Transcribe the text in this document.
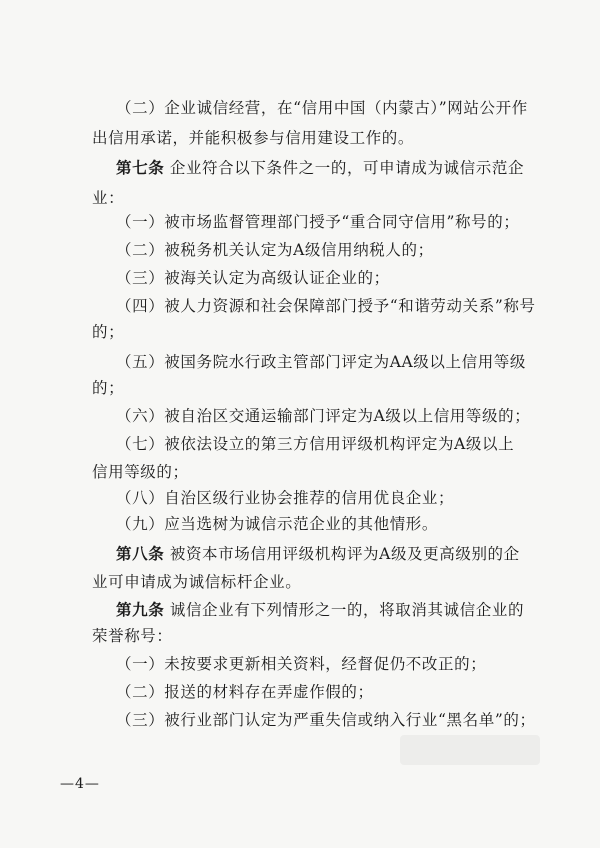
（二）企业诚信经营，在“信用中国（内蒙古）”网站公开作
出信用承诺，并能积极参与信用建设工作的。
第七条 企业符合以下条件之一的，可申请成为诚信示范企
业：
（一）被市场监督管理部门授予“重合同守信用”称号的；
（二）被税务机关认定为A级信用纳税人的；
（三）被海关认定为高级认证企业的；
（四）被人力资源和社会保障部门授予“和谐劳动关系”称号
的；
（五）被国务院水行政主管部门评定为AA级以上信用等级
的；
（六）被自治区交通运输部门评定为A级以上信用等级的；
（七）被依法设立的第三方信用评级机构评定为A级以上
信用等级的；
（八）自治区级行业协会推荐的信用优良企业；
（九）应当选树为诚信示范企业的其他情形。
第八条 被资本市场信用评级机构评为A级及更高级别的企
业可申请成为诚信标杆企业。
第九条 诚信企业有下列情形之一的，将取消其诚信企业的
荣誉称号：
（一）未按要求更新相关资料，经督促仍不改正的；
（二）报送的材料存在弄虚作假的；
（三）被行业部门认定为严重失信或纳入行业“黑名单”的；
—4—
